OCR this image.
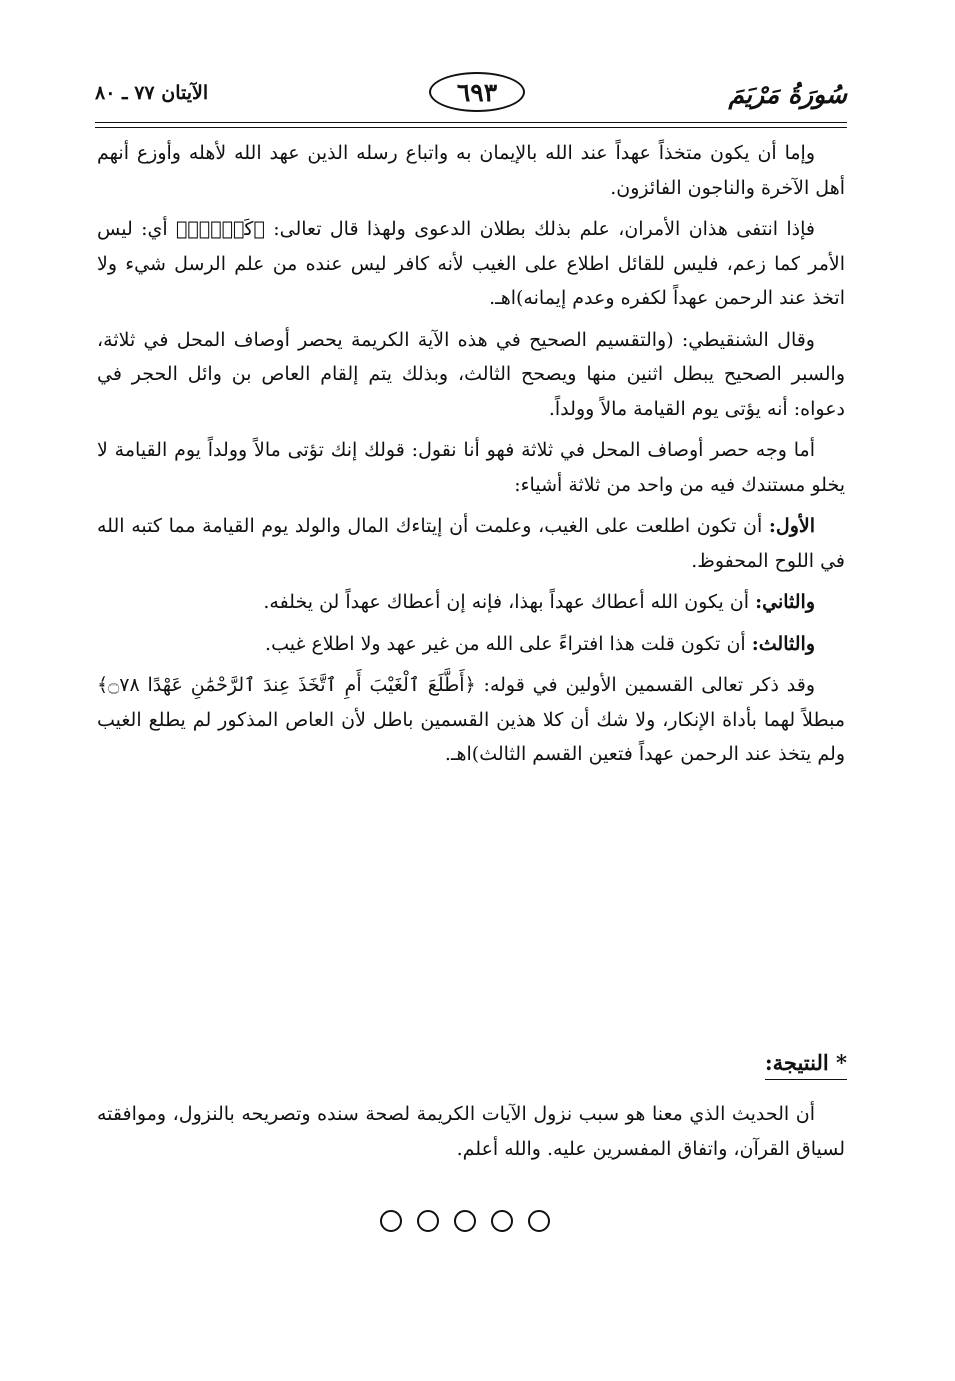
سُورَةُ مَرْيَمَ
٦٩٣
الآيتان ٧٧ ـ ٨٠

وإما أن يكون متخذاً عهداً عند الله بالإيمان به واتباع رسله الذين عهد الله لأهله وأوزع أنهم أهل الآخرة والناجون الفائزون.

فإذا انتفى هذان الأمران، علم بذلك بطلان الدعوى ولهذا قال تعالى: ﴿كَلَّاۚ﴾ أي: ليس الأمر كما زعم، فليس للقائل اطلاع على الغيب لأنه كافر ليس عنده من علم الرسل شيء ولا اتخذ عند الرحمن عهداً لكفره وعدم إيمانه)اهـ.

وقال الشنقيطي: (والتقسيم الصحيح في هذه الآية الكريمة يحصر أوصاف المحل في ثلاثة، والسبر الصحيح يبطل اثنين منها ويصحح الثالث، وبذلك يتم إلقام العاص بن وائل الحجر في دعواه: أنه يؤتى يوم القيامة مالاً وولداً.

أما وجه حصر أوصاف المحل في ثلاثة فهو أنا نقول: قولك إنك تؤتى مالاً وولداً يوم القيامة لا يخلو مستندك فيه من واحد من ثلاثة أشياء:

الأول: أن تكون اطلعت على الغيب، وعلمت أن إيتاءك المال والولد يوم القيامة مما كتبه الله في اللوح المحفوظ.

والثاني: أن يكون الله أعطاك عهداً بهذا، فإنه إن أعطاك عهداً لن يخلفه.

والثالث: أن تكون قلت هذا افتراءً على الله من غير عهد ولا اطلاع غيب.

وقد ذكر تعالى القسمين الأولين في قوله: ﴿أَطَّلَعَ ٱلْغَيْبَ أَمِ ٱتَّخَذَ عِندَ ٱلرَّحْمَٰنِ عَهْدًا ۝٧٨﴾ مبطلاً لهما بأداة الإنكار، ولا شك أن كلا هذين القسمين باطل لأن العاص المذكور لم يطلع الغيب ولم يتخذ عند الرحمن عهداً فتعين القسم الثالث)اهـ.

* النتيجة:

أن الحديث الذي معنا هو سبب نزول الآيات الكريمة لصحة سنده وتصريحه بالنزول، وموافقته لسياق القرآن، واتفاق المفسرين عليه. والله أعلم.
